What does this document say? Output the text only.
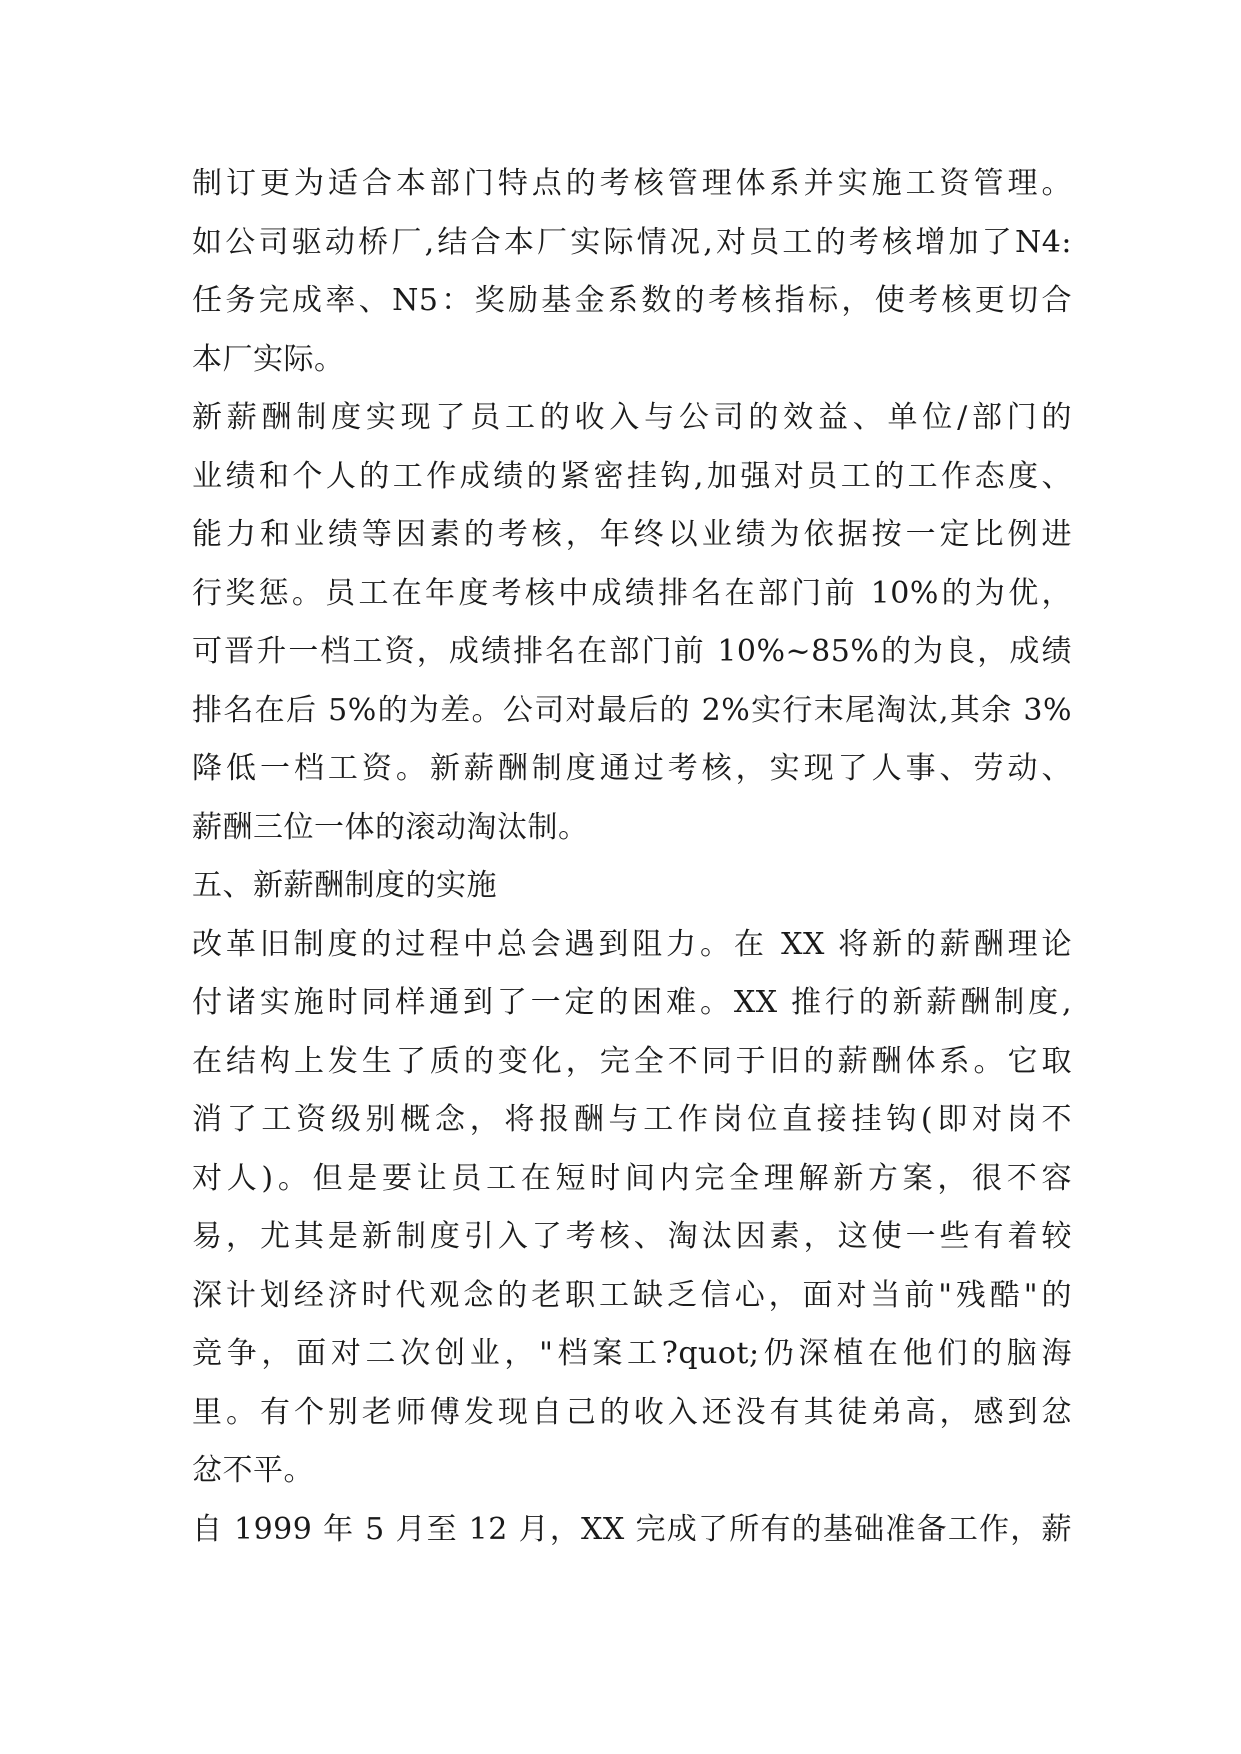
制订更为适合本部门特点的考核管理体系并实施工资管理。
如公司驱动桥厂,结合本厂实际情况,对员工的考核增加了N4:
任务完成率、N5：奖励基金系数的考核指标，使考核更切合
本厂实际。
新薪酬制度实现了员工的收入与公司的效益、单位/部门的
业绩和个人的工作成绩的紧密挂钩,加强对员工的工作态度、
能力和业绩等因素的考核，年终以业绩为依据按一定比例进
行奖惩。员工在年度考核中成绩排名在部门前 10%的为优，
可晋升一档工资，成绩排名在部门前 10%~85%的为良，成绩
排名在后 5%的为差。公司对最后的 2%实行末尾淘汰,其余 3%
降低一档工资。新薪酬制度通过考核，实现了人事、劳动、
薪酬三位一体的滚动淘汰制。
五、新薪酬制度的实施
改革旧制度的过程中总会遇到阻力。在 XX 将新的薪酬理论
付诸实施时同样通到了一定的困难。XX 推行的新薪酬制度,
在结构上发生了质的变化，完全不同于旧的薪酬体系。它取
消了工资级别概念，将报酬与工作岗位直接挂钩(即对岗不
对人)。但是要让员工在短时间内完全理解新方案，很不容
易，尤其是新制度引入了考核、淘汰因素，这使一些有着较
深计划经济时代观念的老职工缺乏信心，面对当前"残酷"的
竞争，面对二次创业，"档案工?quot;仍深植在他们的脑海
里。有个别老师傅发现自己的收入还没有其徒弟高，感到忿
忿不平。
自 1999 年 5 月至 12 月，XX 完成了所有的基础准备工作，薪
